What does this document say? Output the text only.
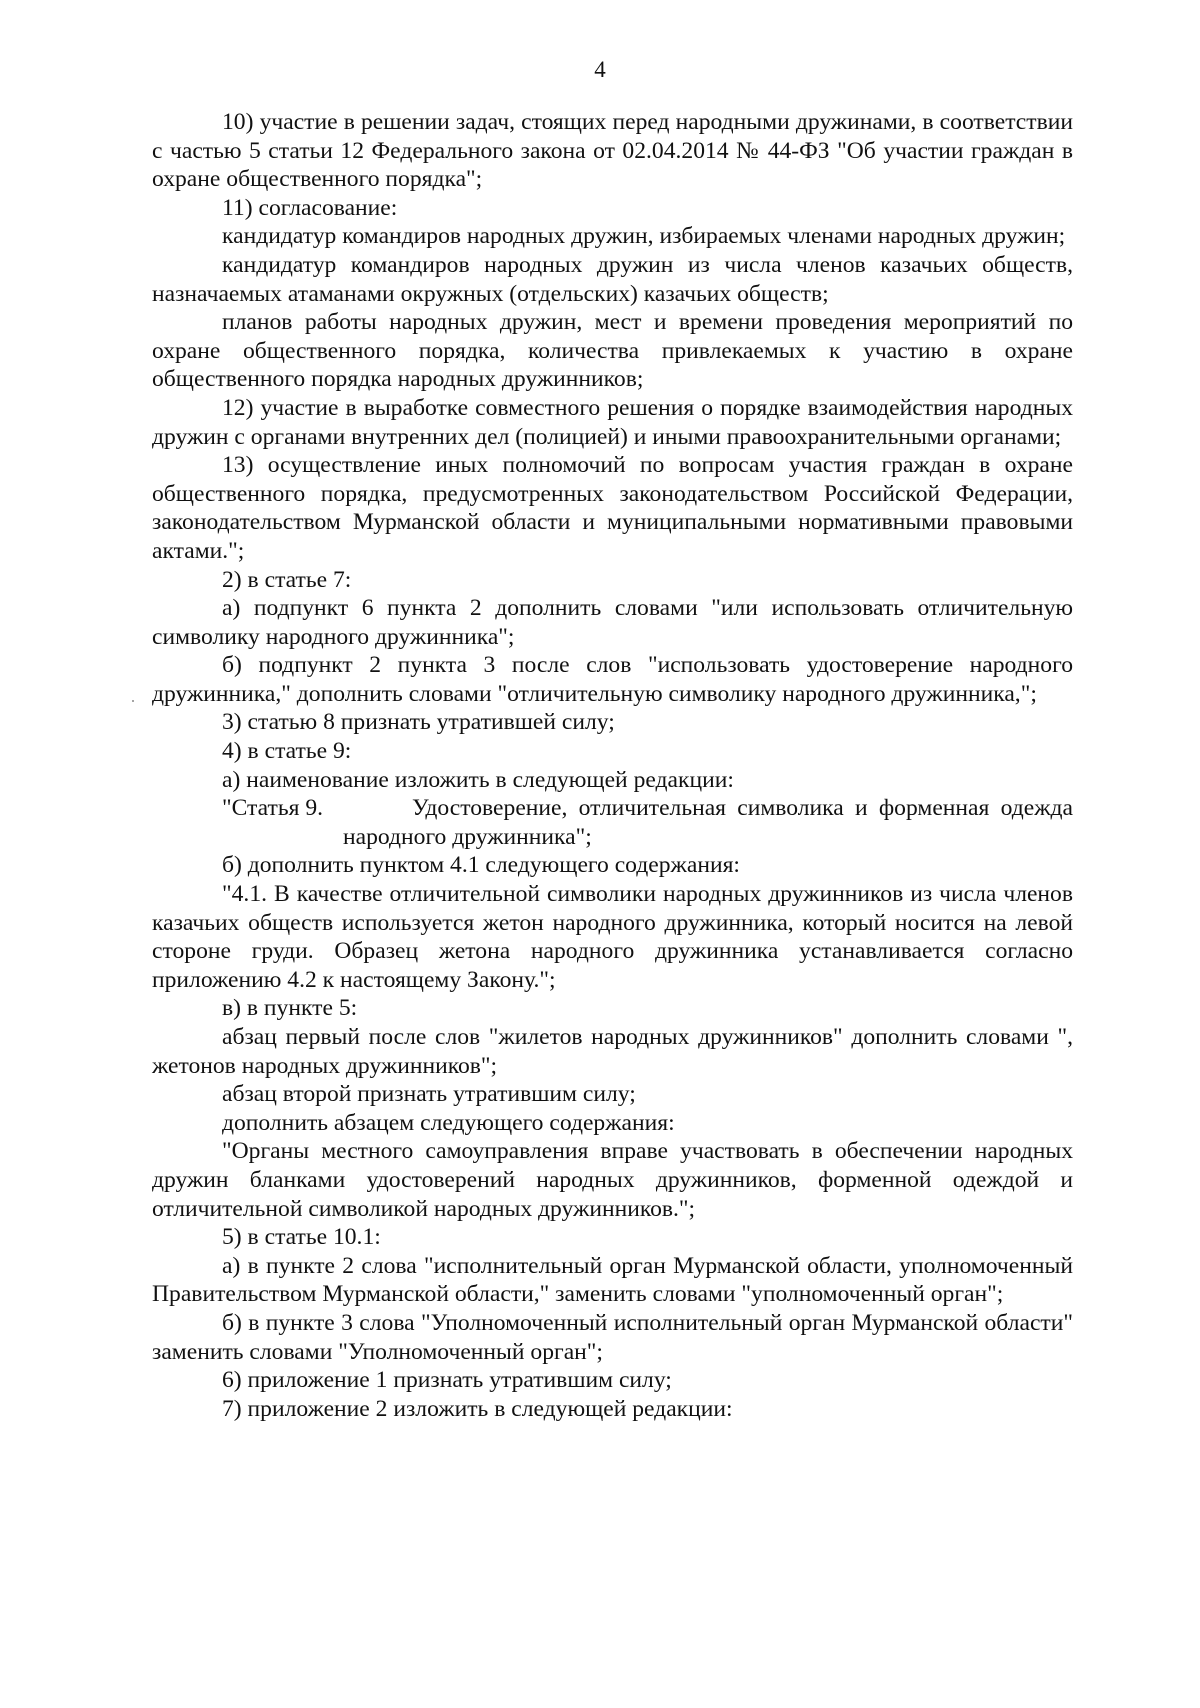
4

10) участие в решении задач, стоящих перед народными дружинами, в соответствии с частью 5 статьи 12 Федерального закона от 02.04.2014 № 44-ФЗ "Об участии граждан в охране общественного порядка";

11) согласование:

кандидатур командиров народных дружин, избираемых членами народных дружин;

кандидатур командиров народных дружин из числа членов казачьих обществ, назначаемых атаманами окружных (отдельских) казачьих обществ;

планов работы народных дружин, мест и времени проведения мероприятий по охране общественного порядка, количества привлекаемых к участию в охране общественного порядка народных дружинников;

12) участие в выработке совместного решения о порядке взаимодействия народных дружин с органами внутренних дел (полицией) и иными правоохранительными органами;

13) осуществление иных полномочий по вопросам участия граждан в охране общественного порядка, предусмотренных законодательством Российской Федерации, законодательством Мурманской области и муниципальными нормативными правовыми актами.";

2) в статье 7:

а) подпункт 6 пункта 2 дополнить словами "или использовать отличительную символику народного дружинника";

б) подпункт 2 пункта 3 после слов "использовать удостоверение народного дружинника," дополнить словами "отличительную символику народного дружинника,";

3) статью 8 признать утратившей силу;

4) в статье 9:

а) наименование изложить в следующей редакции:

"Статья 9.	Удостоверение, отличительная символика и форменная одежда

народного дружинника";

б) дополнить пунктом 4.1 следующего содержания:

"4.1. В качестве отличительной символики народных дружинников из числа членов казачьих обществ используется жетон народного дружинника, который носится на левой стороне груди. Образец жетона народного дружинника устанавливается согласно приложению 4.2 к настоящему Закону.";

в) в пункте 5:

абзац первый после слов "жилетов народных дружинников" дополнить словами ", жетонов народных дружинников";

абзац второй признать утратившим силу;

дополнить абзацем следующего содержания:

"Органы местного самоуправления вправе участвовать в обеспечении народных дружин бланками удостоверений народных дружинников, форменной одеждой и отличительной символикой народных дружинников.";

5) в статье 10.1:

а) в пункте 2 слова "исполнительный орган Мурманской области, уполномоченный Правительством Мурманской области," заменить словами "уполномоченный орган";

б) в пункте 3 слова "Уполномоченный исполнительный орган Мурманской области" заменить словами "Уполномоченный орган";

6) приложение 1 признать утратившим силу;

7) приложение 2 изложить в следующей редакции:
